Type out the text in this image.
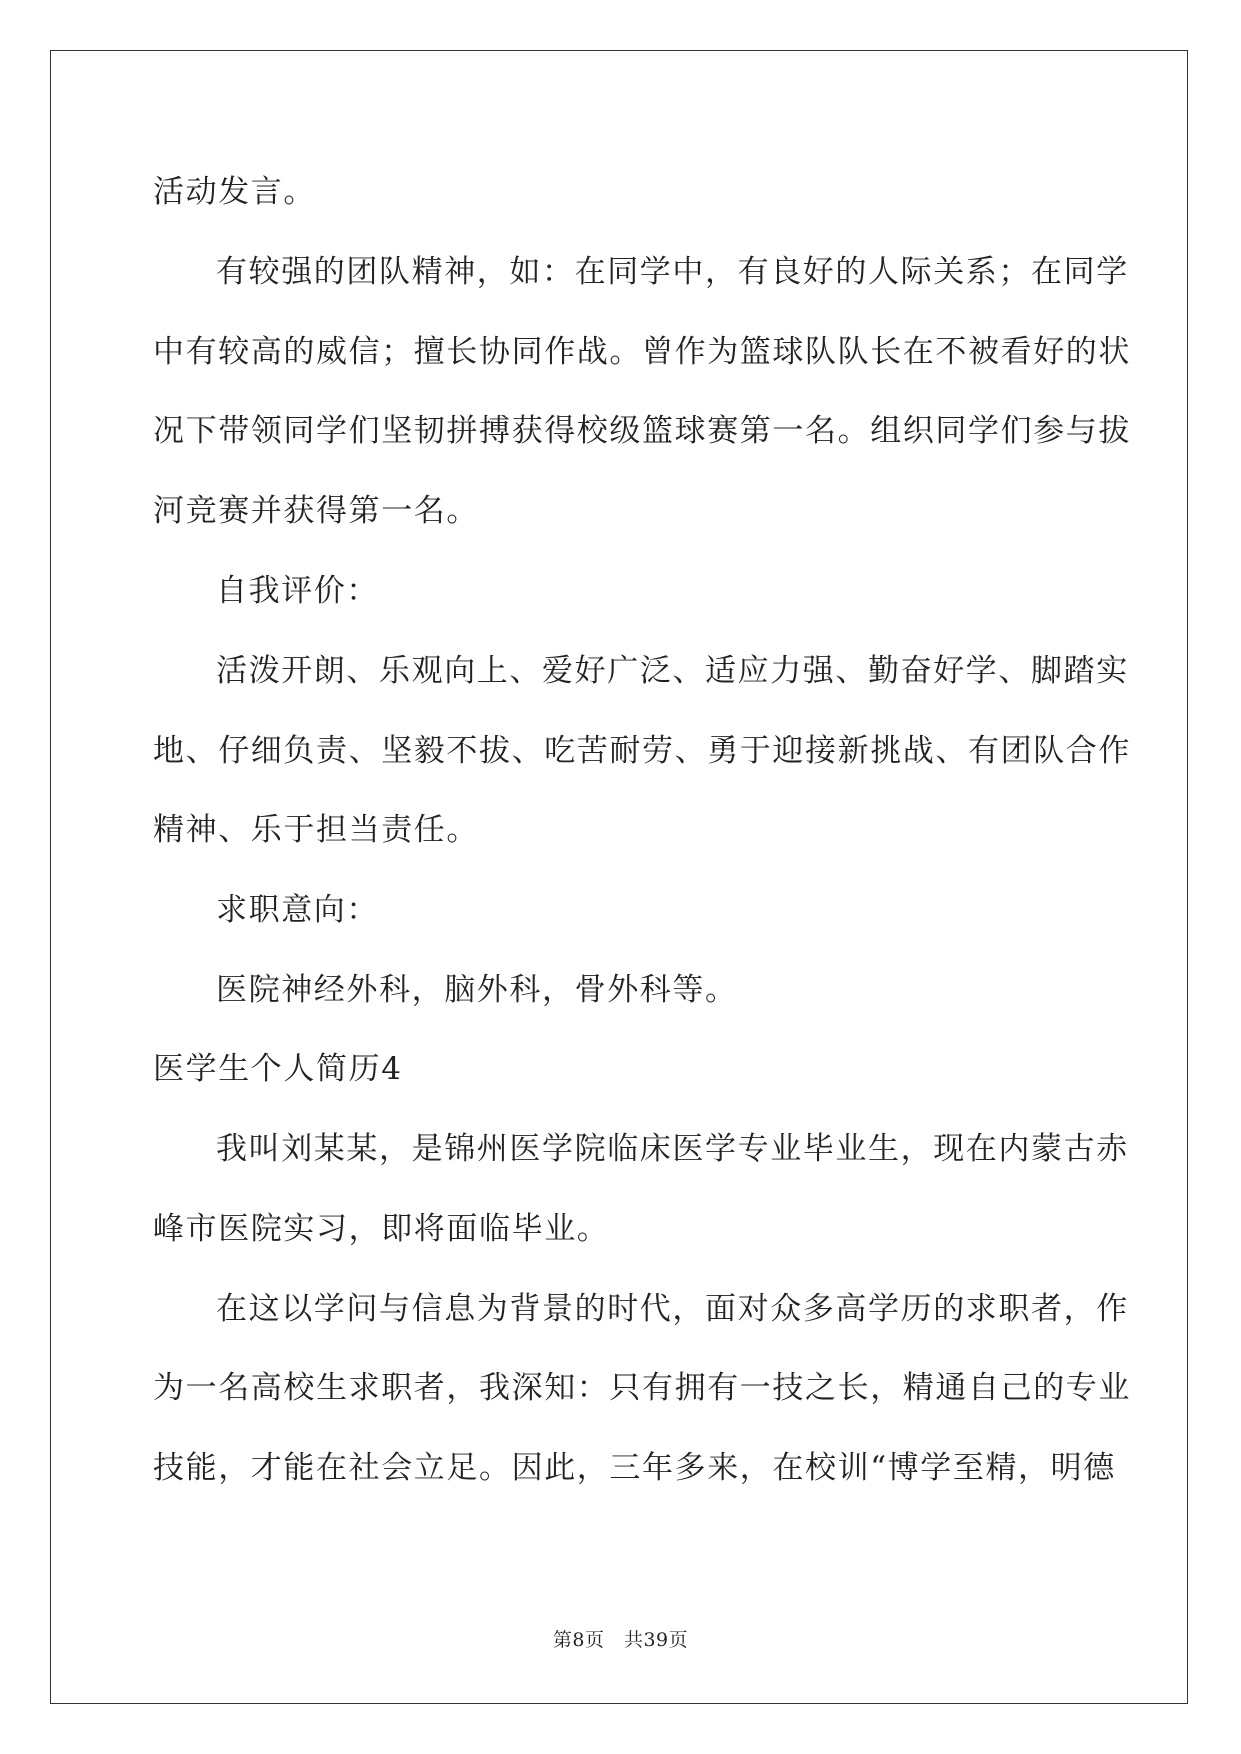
活动发言。
有较强的团队精神，如：在同学中，有良好的人际关系；在同学
中有较高的威信；擅长协同作战。曾作为篮球队队长在不被看好的状
况下带领同学们坚韧拼搏获得校级篮球赛第一名。组织同学们参与拔
河竞赛并获得第一名。
自我评价：
活泼开朗、乐观向上、爱好广泛、适应力强、勤奋好学、脚踏实
地、仔细负责、坚毅不拔、吃苦耐劳、勇于迎接新挑战、有团队合作
精神、乐于担当责任。
求职意向：
医院神经外科，脑外科，骨外科等。
医学生个人简历4
我叫刘某某，是锦州医学院临床医学专业毕业生，现在内蒙古赤
峰市医院实习，即将面临毕业。
在这以学问与信息为背景的时代，面对众多高学历的求职者，作
为一名高校生求职者，我深知：只有拥有一技之长，精通自己的专业
技能，才能在社会立足。因此，三年多来，在校训“博学至精，明德
第8页　共39页
